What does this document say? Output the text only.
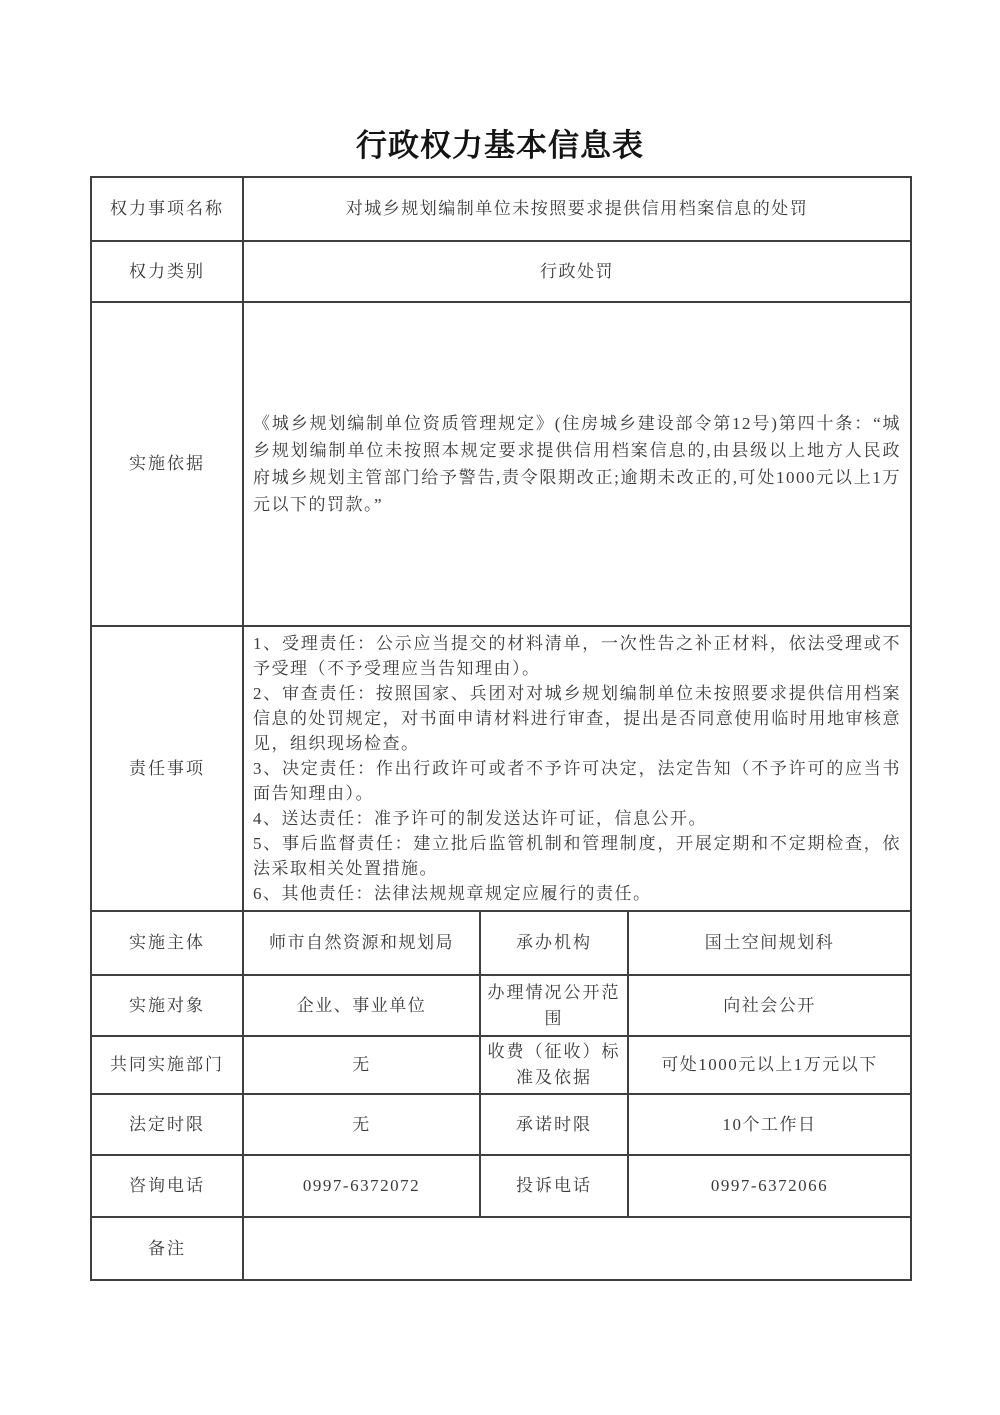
行政权力基本信息表
权力事项名称	对城乡规划编制单位未按照要求提供信用档案信息的处罚		
权力类别	行政处罚		
实施依据	《城乡规划编制单位资质管理规定》(住房城乡建设部令第12号)第四十条：“城乡规划编制单位未按照本规定要求提供信用档案信息的,由县级以上地方人民政府城乡规划主管部门给予警告,责令限期改正;逾期未改正的,可处1000元以上1万元以下的罚款。”		
责任事项	
1、受理责任：公示应当提交的材料清单，一次性告之补正材料，依法受理或不予受理（不予受理应当告知理由）。
2、审查责任：按照国家、兵团对对城乡规划编制单位未按照要求提供信用档案信息的处罚规定，对书面申请材料进行审查，提出是否同意使用临时用地审核意见，组织现场检查。
3、决定责任：作出行政许可或者不予许可决定，法定告知（不予许可的应当书面告知理由）。
4、送达责任：准予许可的制发送达许可证，信息公开。
5、事后监督责任：建立批后监管机制和管理制度，开展定期和不定期检查，依法采取相关处置措施。
6、其他责任：法律法规规章规定应履行的责任。

实施主体	师市自然资源和规划局	承办机构	国土空间规划科
实施对象	企业、事业单位	办理情况公开范围	向社会公开
共同实施部门	无	收费（征收）标准及依据	可处1000元以上1万元以下
法定时限	无	承诺时限	10个工作日
咨询电话	0997-6372072	投诉电话	0997-6372066
备注			
